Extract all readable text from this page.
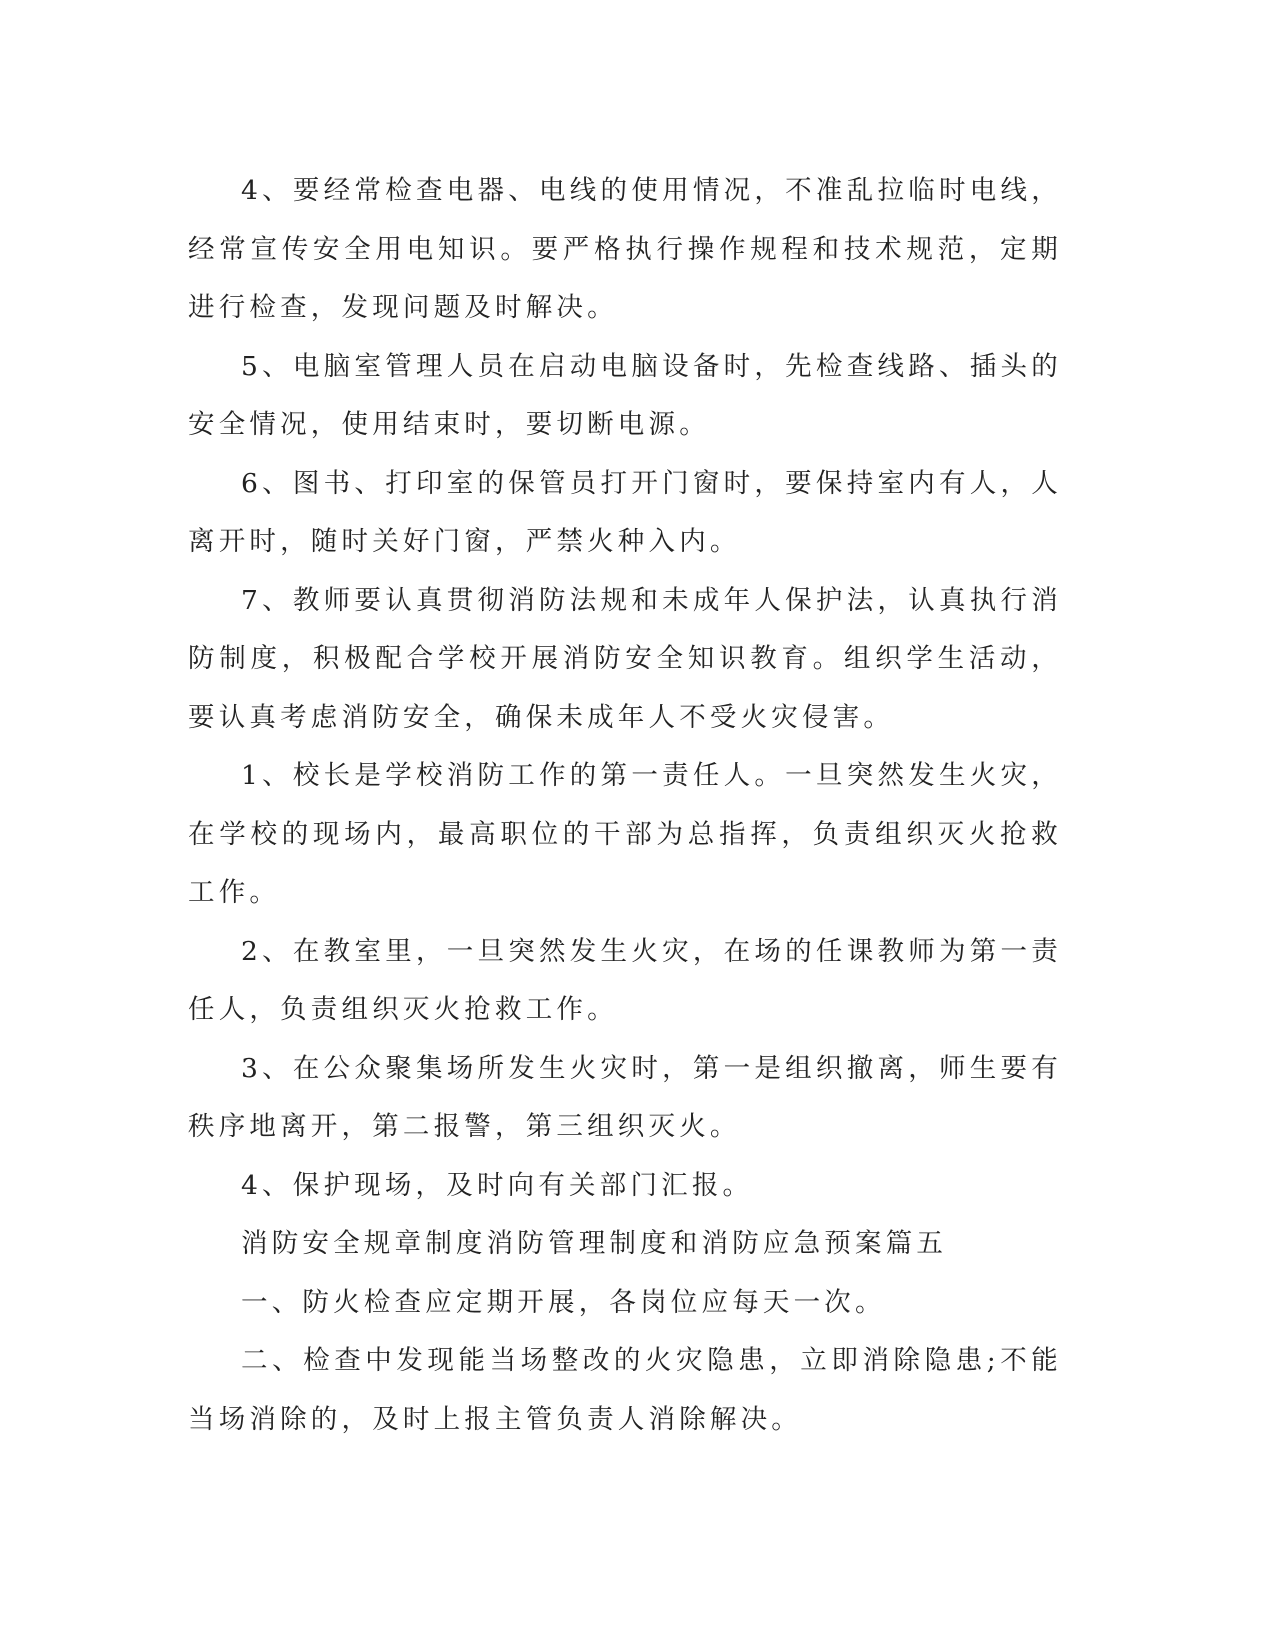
4、要经常检查电器、电线的使用情况，不准乱拉临时电线，经常宣传安全用电知识。要严格执行操作规程和技术规范，定期进行检查，发现问题及时解决。

5、电脑室管理人员在启动电脑设备时，先检查线路、插头的安全情况，使用结束时，要切断电源。

6、图书、打印室的保管员打开门窗时，要保持室内有人，人离开时，随时关好门窗，严禁火种入内。

7、教师要认真贯彻消防法规和未成年人保护法，认真执行消防制度，积极配合学校开展消防安全知识教育。组织学生活动，要认真考虑消防安全，确保未成年人不受火灾侵害。

1、校长是学校消防工作的第一责任人。一旦突然发生火灾，在学校的现场内，最高职位的干部为总指挥，负责组织灭火抢救工作。

2、在教室里，一旦突然发生火灾，在场的任课教师为第一责任人，负责组织灭火抢救工作。

3、在公众聚集场所发生火灾时，第一是组织撤离，师生要有秩序地离开，第二报警，第三组织灭火。

4、保护现场，及时向有关部门汇报。

消防安全规章制度消防管理制度和消防应急预案篇五

一、防火检查应定期开展，各岗位应每天一次。

二、检查中发现能当场整改的火灾隐患，立即消除隐患;不能当场消除的，及时上报主管负责人消除解决。
